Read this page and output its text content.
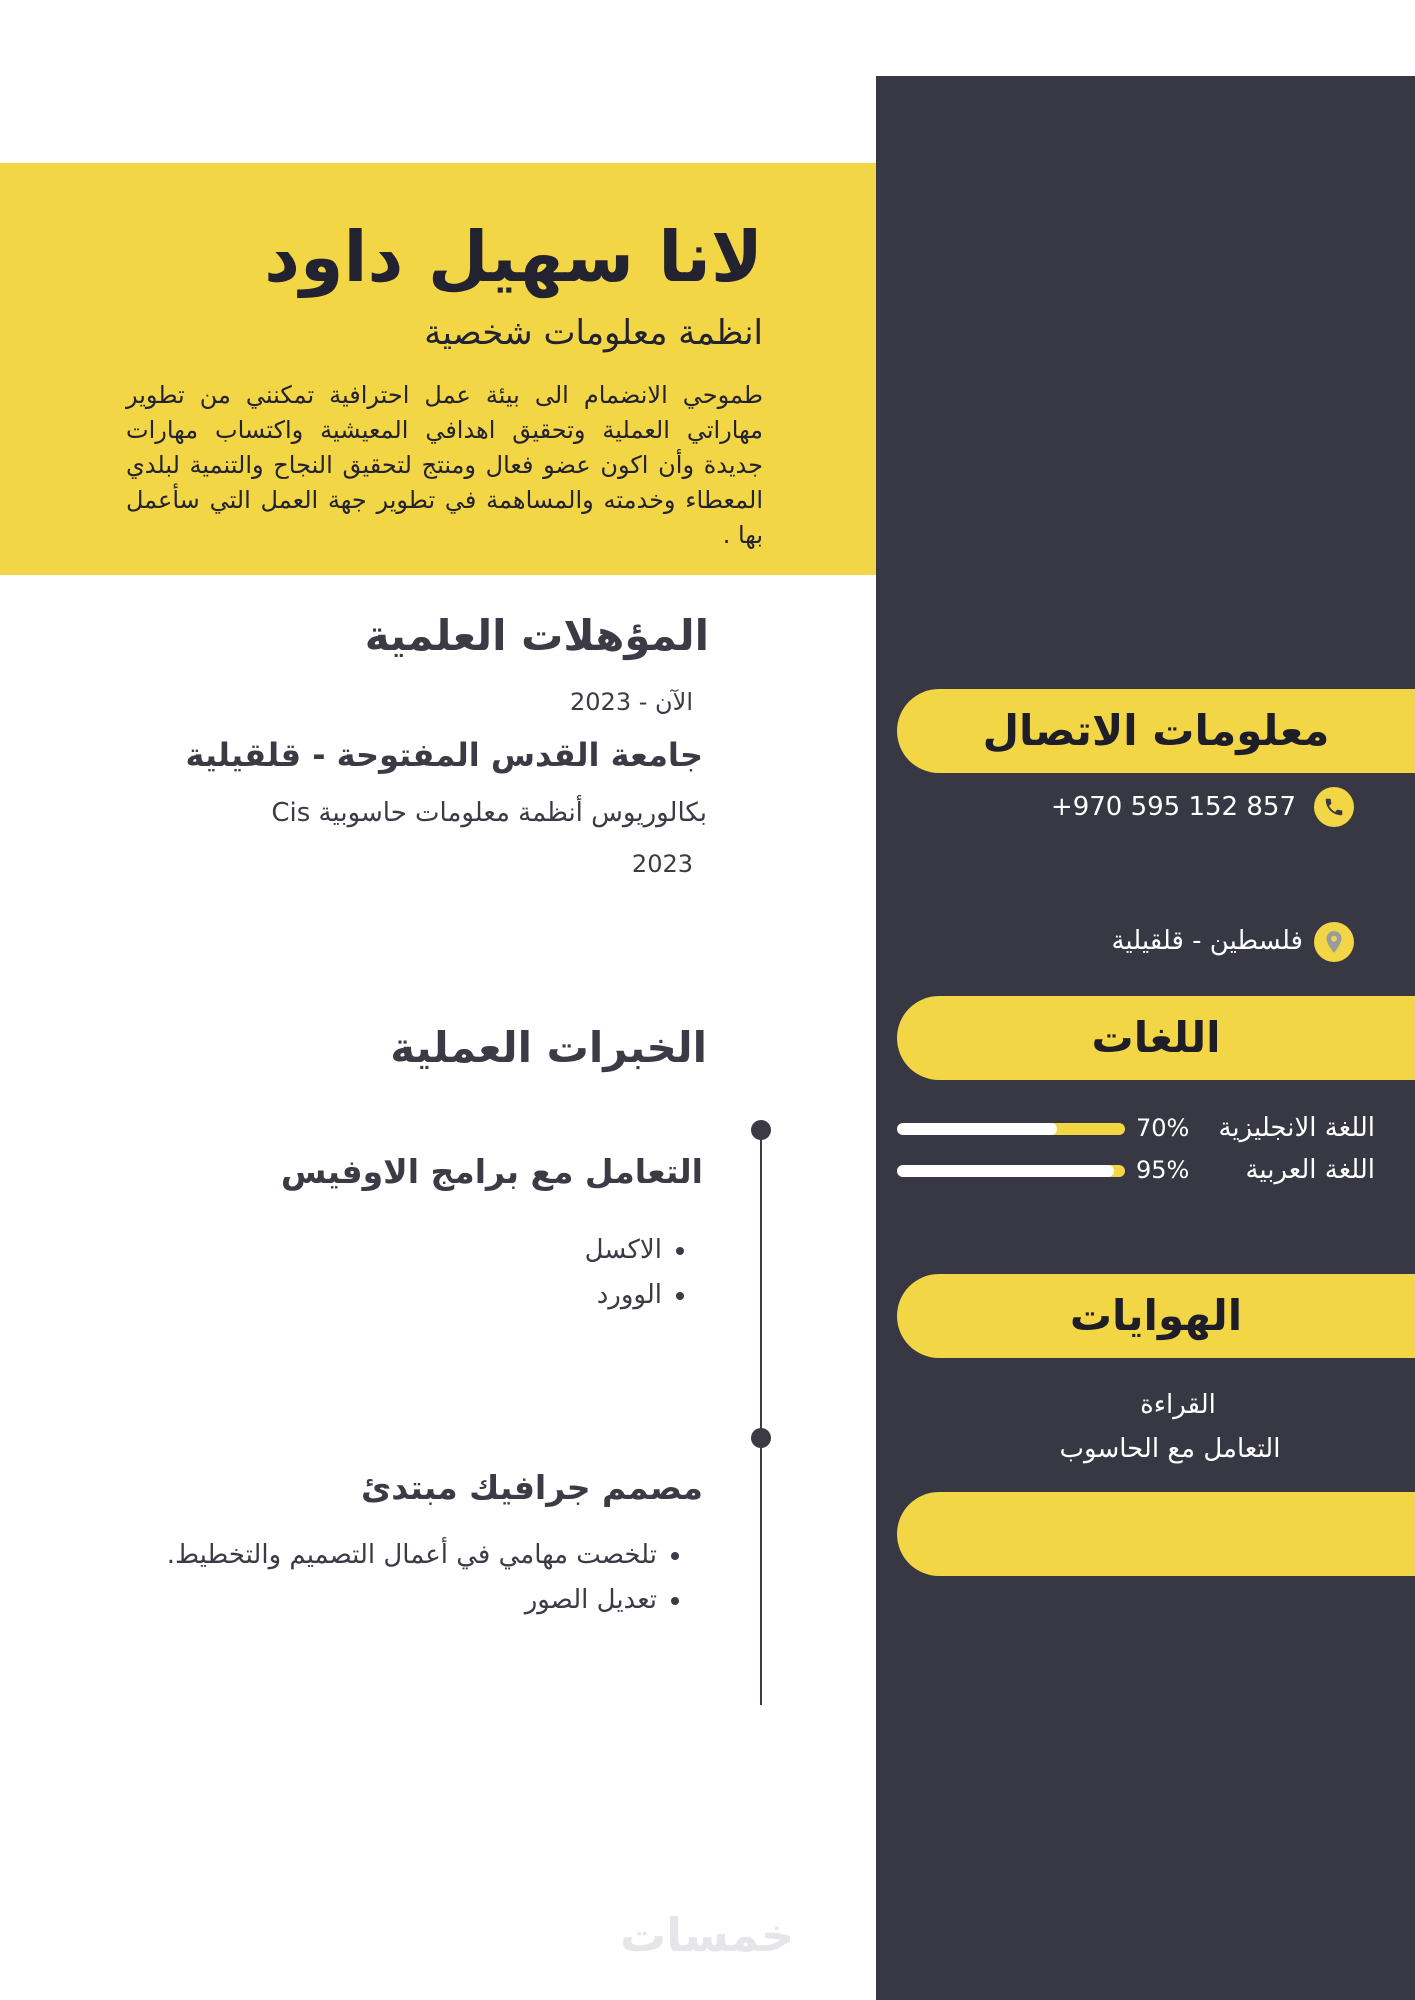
لانا سهيل داود
انظمة معلومات شخصية
طموحي الانضمام الى بيئة عمل احترافية تمكنني من تطوير مهاراتي العملية وتحقيق اهدافي المعيشية واكتساب مهارات جديدة وأن اكون عضو فعال ومنتج لتحقيق النجاح والتنمية لبلدي المعطاء وخدمته والمساهمة في تطوير جهة العمل التي سأعمل بها .
المؤهلات العلمية
الآن - 2023
جامعة القدس المفتوحة - قلقيلية
بكالوريوس أنظمة معلومات حاسوبية Cis
2023
الخبرات العملية
التعامل مع برامج الاوفيس
• الاكسل
• الوورد
مصمم جرافيك مبتدئ
• تلخصت مهامي في أعمال التصميم والتخطيط.
• تعديل الصور
معلومات الاتصال
+970 595 152 857
فلسطين - قلقيلية
اللغات
اللغة الانجليزية
70%
اللغة العربية
95%
الهوايات
القراءة
التعامل مع الحاسوب
خمسات
